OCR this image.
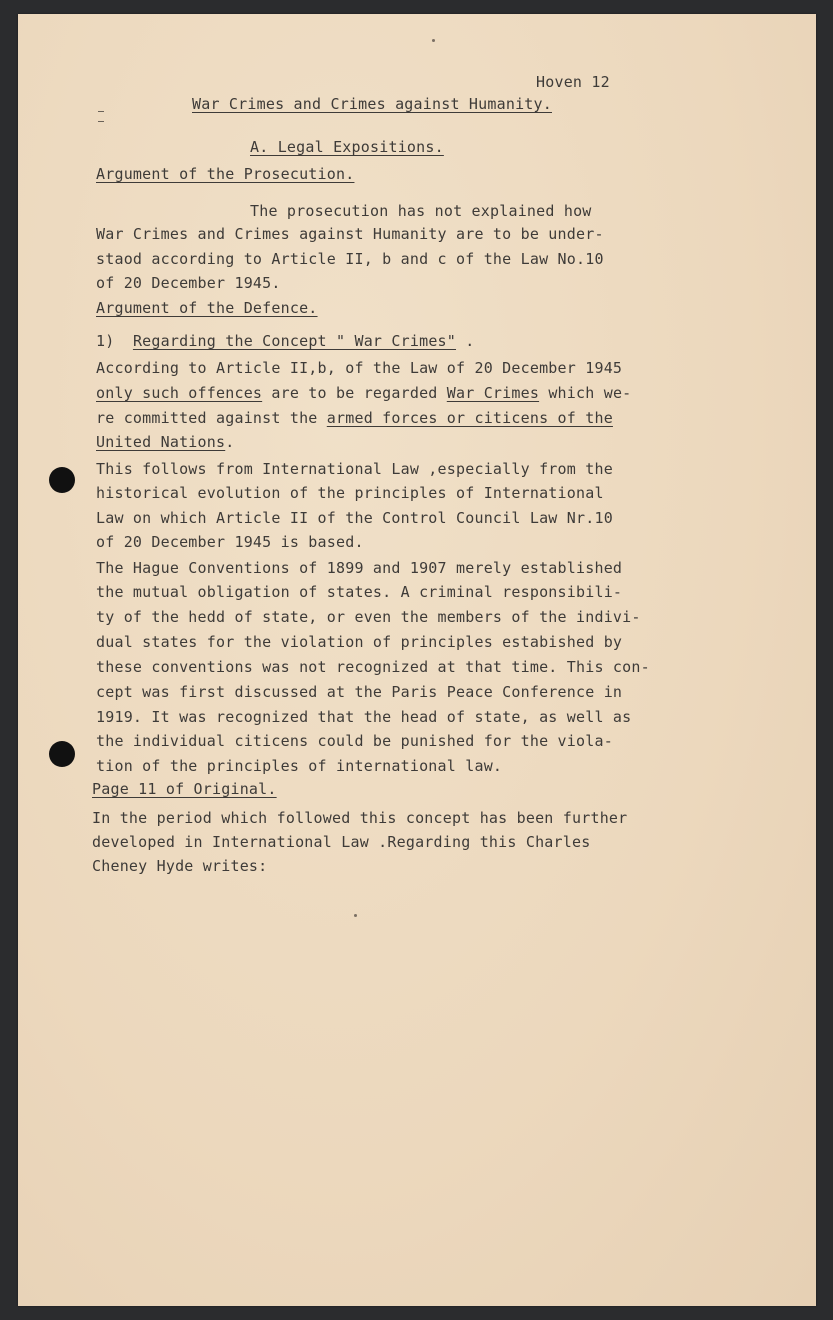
Hoven 12
War Crimes and Crimes against Humanity.
A. Legal Expositions.
Argument of the Prosecution.
The prosecution has not explained how
War Crimes and Crimes against Humanity are to be under-
staod according to Article II, b and c of the Law No.10
of 20 December 1945.
Argument of the Defence.
1) Regarding the Concept " War Crimes" .
According to Article II,b, of the Law of 20 December 1945
only such offences are to be regarded War Crimes which we-
re committed against the armed forces or citicens of the
United Nations.
This follows from International Law ,especially from the
historical evolution of the principles of International
Law on which Article II of the Control Council Law Nr.10
of 20 December 1945 is based.
The Hague Conventions of 1899 and 1907 merely established
the mutual obligation of states. A criminal responsibili-
ty of the hedd of state, or even the members of the indivi-
dual states for the violation of principles estabished by
these conventions was not recognized at that time. This con-
cept was first discussed at the Paris Peace Conference in
1919. It was recognized that the head of state, as well as
the individual citicens could be punished for the viola-
tion of the principles of international law.
Page 11 of Original.
In the period which followed this concept has been further
developed in International Law .Regarding this Charles
Cheney Hyde writes:
